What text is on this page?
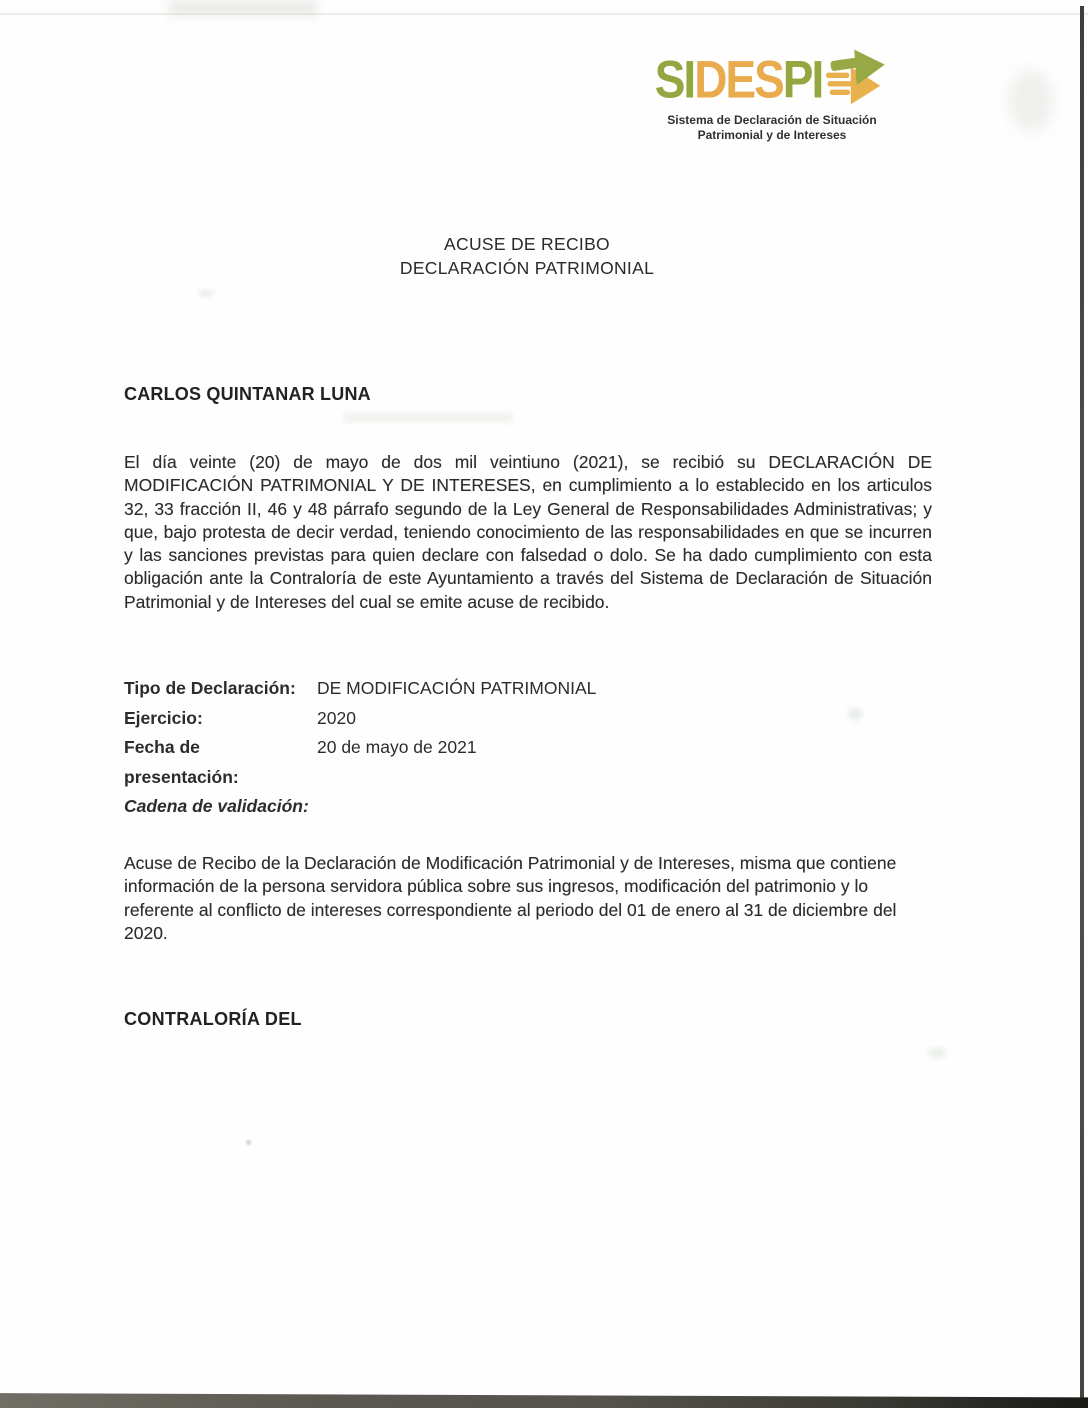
SIDESPI
Sistema de Declaración de Situación
Patrimonial y de Intereses
ACUSE DE RECIBO
DECLARACIÓN PATRIMONIAL
CARLOS QUINTANAR LUNA

El día veinte (20) de mayo de dos mil veintiuno (2021), se recibió su DECLARACIÓN DE MODIFICACIÓN PATRIMONIAL Y DE INTERESES, en cumplimiento a lo establecido en los articulos 32, 33 fracción II, 46 y 48 párrafo segundo de la Ley General de Responsabilidades Administrativas; y que, bajo protesta de decir verdad, teniendo conocimiento de las responsabilidades en que se incurren y las sanciones previstas para quien declare con falsedad o dolo. Se ha dado cumplimiento con esta obligación ante la Contraloría de este Ayuntamiento a través del Sistema de Declaración de Situación Patrimonial y de Intereses del cual se emite acuse de recibido.

Tipo de Declaración:	DE MODIFICACIÓN PATRIMONIAL
Ejercicio:	2020
Fecha de presentación:
20 de mayo de 2021
Cadena de validación:

Acuse de Recibo de la Declaración de Modificación Patrimonial y de Intereses, misma que contiene información de la persona servidora pública sobre sus ingresos, modificación del patrimonio y lo referente al conflicto de intereses correspondiente al periodo del 01 de enero al 31 de diciembre del 2020.

CONTRALORÍA DEL
